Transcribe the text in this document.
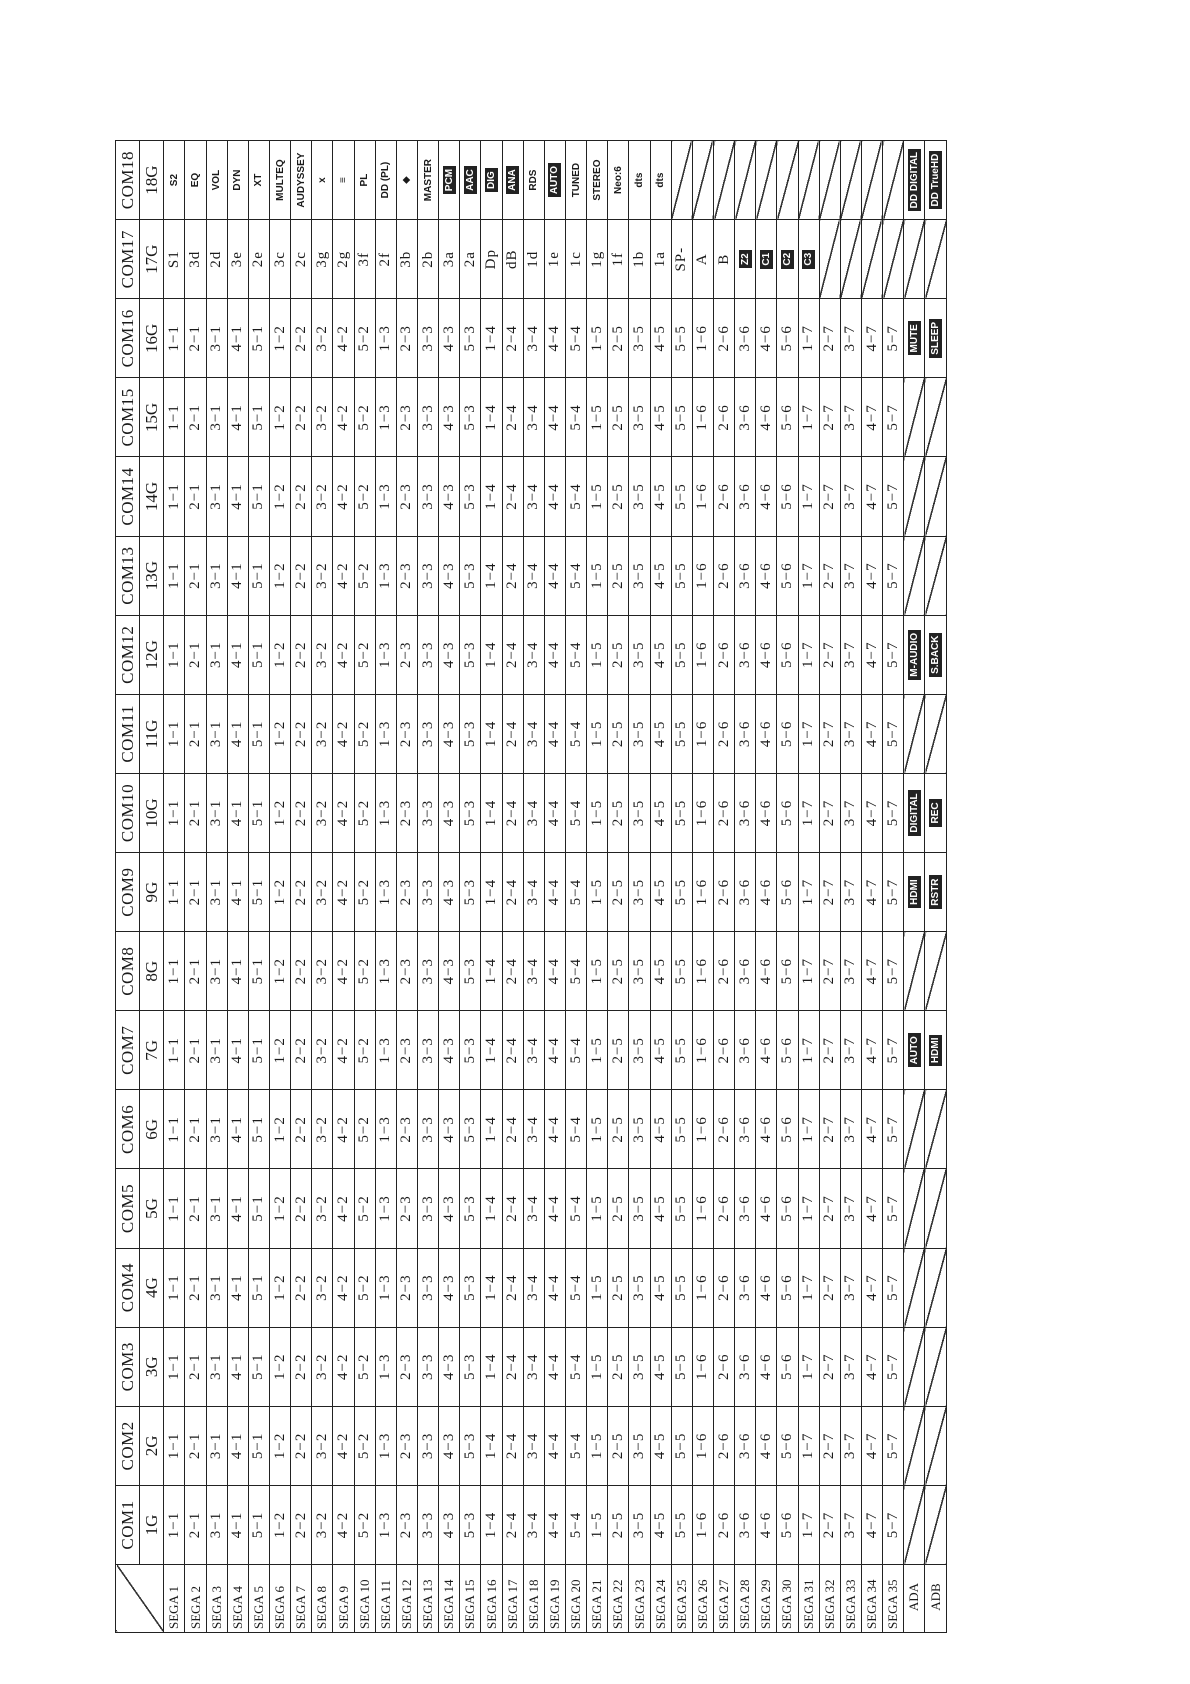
	COM1	COM2	COM3	COM4	COM5	COM6	COM7	COM8	COM9	COM10	COM11	COM12	COM13	COM14	COM15	COM16	COM17	COM18
	1G	2G	3G	4G	5G	6G	7G	8G	9G	10G	11G	12G	13G	14G	15G	16G	17G	18G
SEGA 1	1−1	1−1	1−1	1−1	1−1	1−1	1−1	1−1	1−1	1−1	1−1	1−1	1−1	1−1	1−1	1−1	S1	S2
SEGA 2	2−1	2−1	2−1	2−1	2−1	2−1	2−1	2−1	2−1	2−1	2−1	2−1	2−1	2−1	2−1	2−1	3d	EQ
SEGA 3	3−1	3−1	3−1	3−1	3−1	3−1	3−1	3−1	3−1	3−1	3−1	3−1	3−1	3−1	3−1	3−1	2d	VOL
SEGA 4	4−1	4−1	4−1	4−1	4−1	4−1	4−1	4−1	4−1	4−1	4−1	4−1	4−1	4−1	4−1	4−1	3e	DYN
SEGA 5	5−1	5−1	5−1	5−1	5−1	5−1	5−1	5−1	5−1	5−1	5−1	5−1	5−1	5−1	5−1	5−1	2e	XT
SEGA 6	1−2	1−2	1−2	1−2	1−2	1−2	1−2	1−2	1−2	1−2	1−2	1−2	1−2	1−2	1−2	1−2	3c	MULTEQ
SEGA 7	2−2	2−2	2−2	2−2	2−2	2−2	2−2	2−2	2−2	2−2	2−2	2−2	2−2	2−2	2−2	2−2	2c	AUDYSSEY
SEGA 8	3−2	3−2	3−2	3−2	3−2	3−2	3−2	3−2	3−2	3−2	3−2	3−2	3−2	3−2	3−2	3−2	3g	x
SEGA 9	4−2	4−2	4−2	4−2	4−2	4−2	4−2	4−2	4−2	4−2	4−2	4−2	4−2	4−2	4−2	4−2	2g	≡
SEGA 10	5−2	5−2	5−2	5−2	5−2	5−2	5−2	5−2	5−2	5−2	5−2	5−2	5−2	5−2	5−2	5−2	3f	PL
SEGA 11	1−3	1−3	1−3	1−3	1−3	1−3	1−3	1−3	1−3	1−3	1−3	1−3	1−3	1−3	1−3	1−3	2f	DD (PL)
SEGA 12	2−3	2−3	2−3	2−3	2−3	2−3	2−3	2−3	2−3	2−3	2−3	2−3	2−3	2−3	2−3	2−3	3b	◆
SEGA 13	3−3	3−3	3−3	3−3	3−3	3−3	3−3	3−3	3−3	3−3	3−3	3−3	3−3	3−3	3−3	3−3	2b	MASTER
SEGA 14	4−3	4−3	4−3	4−3	4−3	4−3	4−3	4−3	4−3	4−3	4−3	4−3	4−3	4−3	4−3	4−3	3a	PCM
SEGA 15	5−3	5−3	5−3	5−3	5−3	5−3	5−3	5−3	5−3	5−3	5−3	5−3	5−3	5−3	5−3	5−3	2a	AAC
SEGA 16	1−4	1−4	1−4	1−4	1−4	1−4	1−4	1−4	1−4	1−4	1−4	1−4	1−4	1−4	1−4	1−4	Dp	DIG
SEGA 17	2−4	2−4	2−4	2−4	2−4	2−4	2−4	2−4	2−4	2−4	2−4	2−4	2−4	2−4	2−4	2−4	dB	ANA
SEGA 18	3−4	3−4	3−4	3−4	3−4	3−4	3−4	3−4	3−4	3−4	3−4	3−4	3−4	3−4	3−4	3−4	1d	RDS
SEGA 19	4−4	4−4	4−4	4−4	4−4	4−4	4−4	4−4	4−4	4−4	4−4	4−4	4−4	4−4	4−4	4−4	1e	AUTO
SEGA 20	5−4	5−4	5−4	5−4	5−4	5−4	5−4	5−4	5−4	5−4	5−4	5−4	5−4	5−4	5−4	5−4	1c	TUNED
SEGA 21	1−5	1−5	1−5	1−5	1−5	1−5	1−5	1−5	1−5	1−5	1−5	1−5	1−5	1−5	1−5	1−5	1g	STEREO
SEGA 22	2−5	2−5	2−5	2−5	2−5	2−5	2−5	2−5	2−5	2−5	2−5	2−5	2−5	2−5	2−5	2−5	1f	Neo:6
SEGA 23	3−5	3−5	3−5	3−5	3−5	3−5	3−5	3−5	3−5	3−5	3−5	3−5	3−5	3−5	3−5	3−5	1b	dts
SEGA 24	4−5	4−5	4−5	4−5	4−5	4−5	4−5	4−5	4−5	4−5	4−5	4−5	4−5	4−5	4−5	4−5	1a	dts
SEGA 25	5−5	5−5	5−5	5−5	5−5	5−5	5−5	5−5	5−5	5−5	5−5	5−5	5−5	5−5	5−5	5−5	SP-	
SEGA 26	1−6	1−6	1−6	1−6	1−6	1−6	1−6	1−6	1−6	1−6	1−6	1−6	1−6	1−6	1−6	1−6	A	
SEGA 27	2−6	2−6	2−6	2−6	2−6	2−6	2−6	2−6	2−6	2−6	2−6	2−6	2−6	2−6	2−6	2−6	B	
SEGA 28	3−6	3−6	3−6	3−6	3−6	3−6	3−6	3−6	3−6	3−6	3−6	3−6	3−6	3−6	3−6	3−6	Z2	
SEGA 29	4−6	4−6	4−6	4−6	4−6	4−6	4−6	4−6	4−6	4−6	4−6	4−6	4−6	4−6	4−6	4−6	C1	
SEGA 30	5−6	5−6	5−6	5−6	5−6	5−6	5−6	5−6	5−6	5−6	5−6	5−6	5−6	5−6	5−6	5−6	C2	
SEGA 31	1−7	1−7	1−7	1−7	1−7	1−7	1−7	1−7	1−7	1−7	1−7	1−7	1−7	1−7	1−7	1−7	C3	
SEGA 32	2−7	2−7	2−7	2−7	2−7	2−7	2−7	2−7	2−7	2−7	2−7	2−7	2−7	2−7	2−7	2−7		
SEGA 33	3−7	3−7	3−7	3−7	3−7	3−7	3−7	3−7	3−7	3−7	3−7	3−7	3−7	3−7	3−7	3−7		
SEGA 34	4−7	4−7	4−7	4−7	4−7	4−7	4−7	4−7	4−7	4−7	4−7	4−7	4−7	4−7	4−7	4−7		
SEGA 35	5−7	5−7	5−7	5−7	5−7	5−7	5−7	5−7	5−7	5−7	5−7	5−7	5−7	5−7	5−7	5−7		
ADA							AUTO		HDMI	DIGITAL		M-AUDIO				MUTE		DD DIGITAL
ADB							HDMI		RSTR	REC		S.BACK				SLEEP		DD TrueHD
